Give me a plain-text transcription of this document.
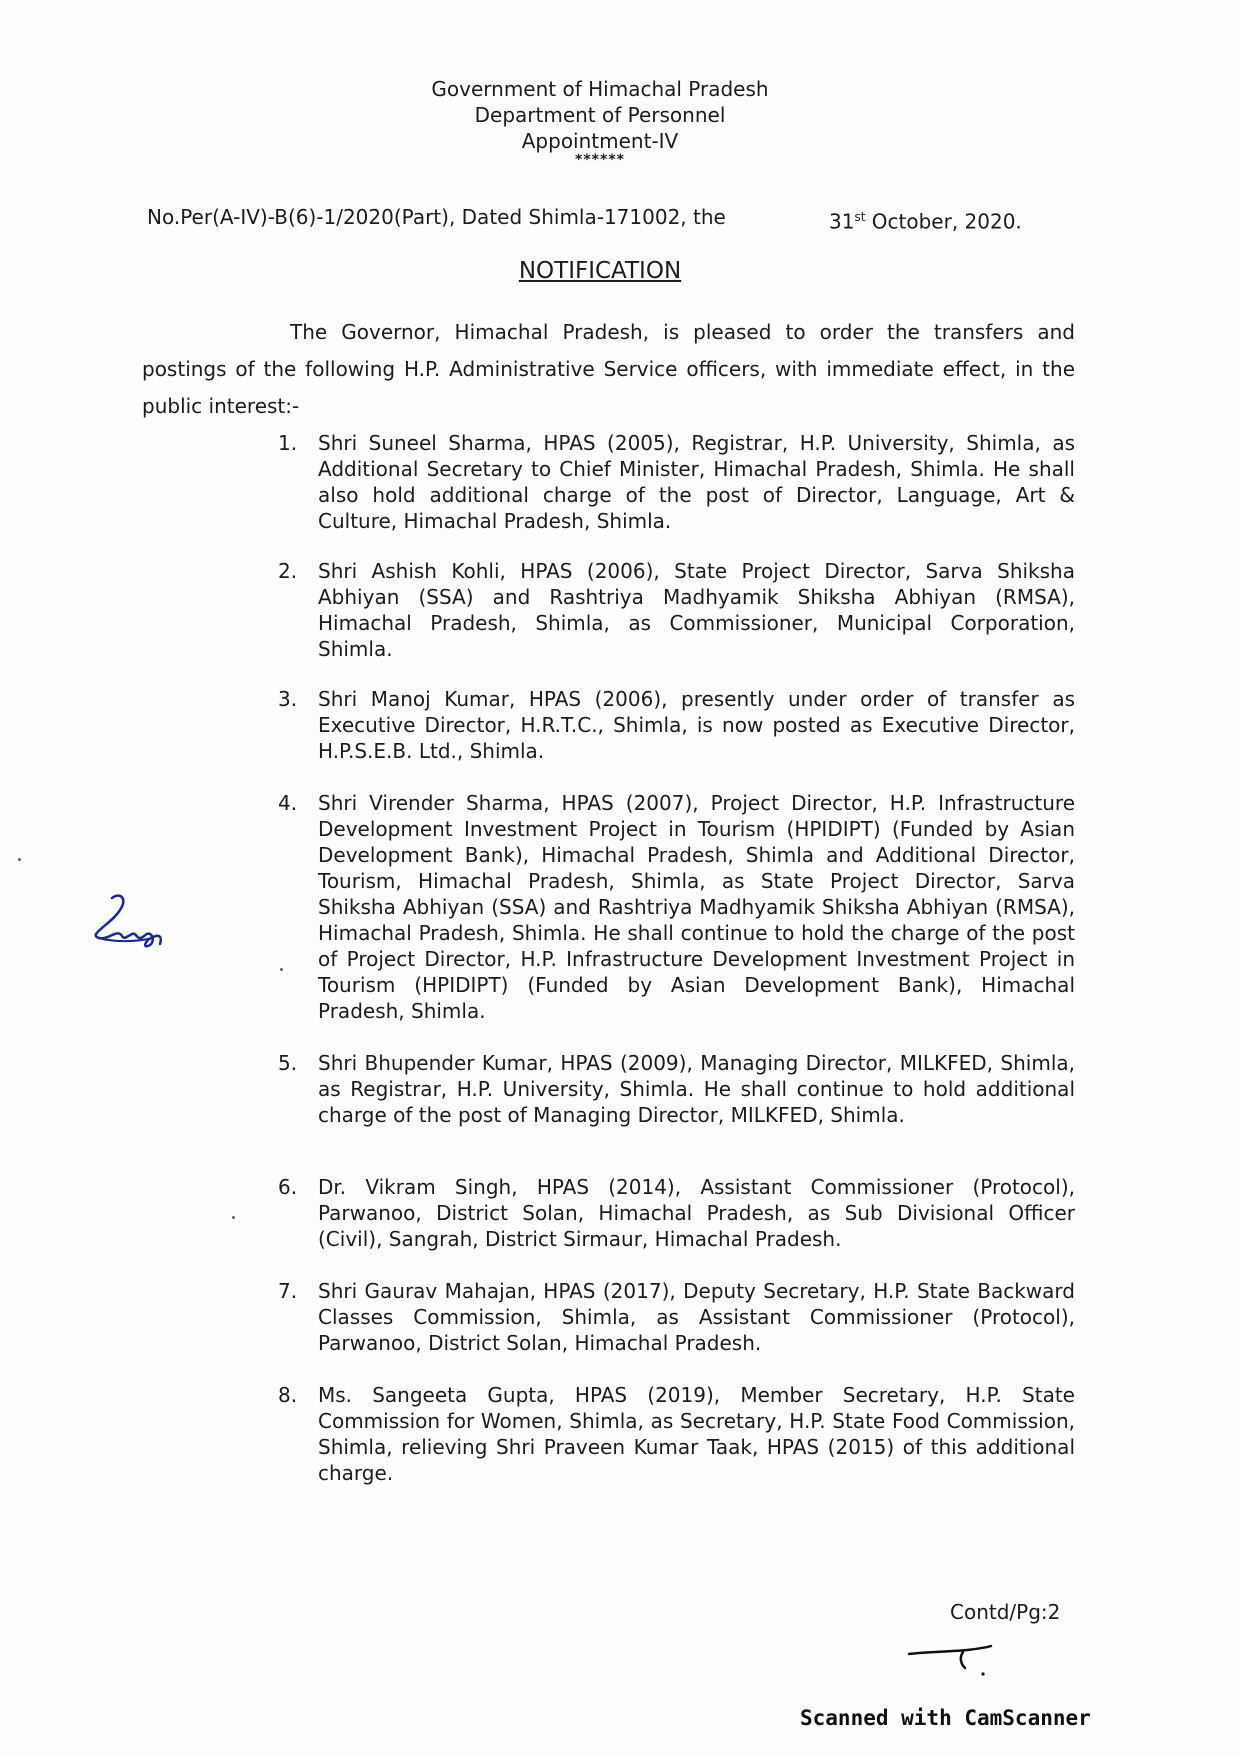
Government of Himachal Pradesh
Department of Personnel
Appointment-IV
******
No.Per(A-IV)-B(6)-1/2020(Part), Dated Shimla-171002, the	31st October, 2020.
NOTIFICATION
The Governor, Himachal Pradesh, is pleased to order the transfers and postings of the following H.P. Administrative Service officers, with immediate effect, in the public interest:-
1.	Shri Suneel Sharma, HPAS (2005), Registrar, H.P. University, Shimla, as Additional Secretary to Chief Minister, Himachal Pradesh, Shimla. He shall also hold additional charge of the post of Director, Language, Art & Culture, Himachal Pradesh, Shimla.
2.	Shri Ashish Kohli, HPAS (2006), State Project Director, Sarva Shiksha Abhiyan (SSA) and Rashtriya Madhyamik Shiksha Abhiyan (RMSA), Himachal Pradesh, Shimla, as Commissioner, Municipal Corporation, Shimla.
3.	Shri Manoj Kumar, HPAS (2006), presently under order of transfer as Executive Director, H.R.T.C., Shimla, is now posted as Executive Director, H.P.S.E.B. Ltd., Shimla.
4.	Shri Virender Sharma, HPAS (2007), Project Director, H.P. Infrastructure Development Investment Project in Tourism (HPIDIPT) (Funded by Asian Development Bank), Himachal Pradesh, Shimla and Additional Director, Tourism, Himachal Pradesh, Shimla, as State Project Director, Sarva Shiksha Abhiyan (SSA) and Rashtriya Madhyamik Shiksha Abhiyan (RMSA), Himachal Pradesh, Shimla. He shall continue to hold the charge of the post of Project Director, H.P. Infrastructure Development Investment Project in Tourism (HPIDIPT) (Funded by Asian Development Bank), Himachal Pradesh, Shimla.
5.	Shri Bhupender Kumar, HPAS (2009), Managing Director, MILKFED, Shimla, as Registrar, H.P. University, Shimla. He shall continue to hold additional charge of the post of Managing Director, MILKFED, Shimla.
6.	Dr. Vikram Singh, HPAS (2014), Assistant Commissioner (Protocol), Parwanoo, District Solan, Himachal Pradesh, as Sub Divisional Officer (Civil), Sangrah, District Sirmaur, Himachal Pradesh.
7.	Shri Gaurav Mahajan, HPAS (2017), Deputy Secretary, H.P. State Backward Classes Commission, Shimla, as Assistant Commissioner (Protocol), Parwanoo, District Solan, Himachal Pradesh.
8.	Ms. Sangeeta Gupta, HPAS (2019), Member Secretary, H.P. State Commission for Women, Shimla, as Secretary, H.P. State Food Commission, Shimla, relieving Shri Praveen Kumar Taak, HPAS (2015) of this additional charge.
Contd/Pg:2
Scanned with CamScanner
